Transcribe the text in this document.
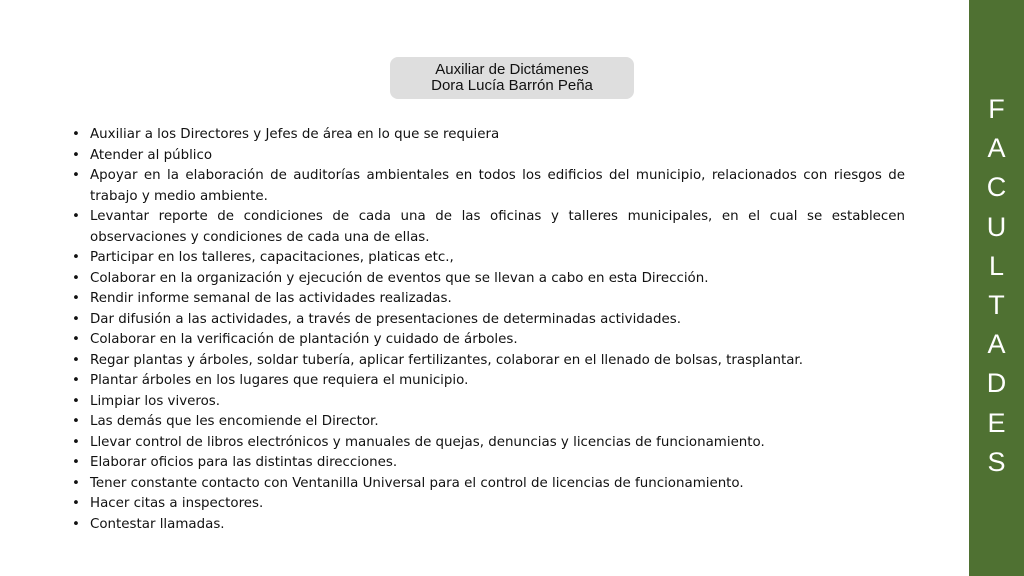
Auxiliar de Dictámenes
Dora Lucía Barrón Peña
• Auxiliar a los Directores y Jefes de área en lo que se requiera
• Atender al público
• Apoyar en la elaboración de auditorías ambientales en todos los edificios del municipio, relacionados con riesgos de trabajo y medio ambiente.
• Levantar reporte de condiciones de cada una de las oficinas y talleres municipales, en el cual se establecen observaciones y condiciones de cada una de ellas.
• Participar en los talleres, capacitaciones, platicas etc.,
• Colaborar en la organización y ejecución de eventos que se llevan a cabo en esta Dirección.
• Rendir informe semanal de las actividades realizadas.
• Dar difusión a las actividades, a través de presentaciones de determinadas actividades.
• Colaborar en la verificación de plantación y cuidado de árboles.
• Regar plantas y árboles, soldar tubería, aplicar fertilizantes, colaborar en el llenado de bolsas, trasplantar.
• Plantar árboles en los lugares que requiera el municipio.
• Limpiar los viveros.
• Las demás que les encomiende el Director.
• Llevar control de libros electrónicos y manuales de quejas, denuncias y licencias de funcionamiento.
• Elaborar oficios para las distintas direcciones.
• Tener constante contacto con Ventanilla Universal para el control de licencias de funcionamiento.
• Hacer citas a inspectores.
• Contestar llamadas.
F
A
C
U
L
T
A
D
E
S
